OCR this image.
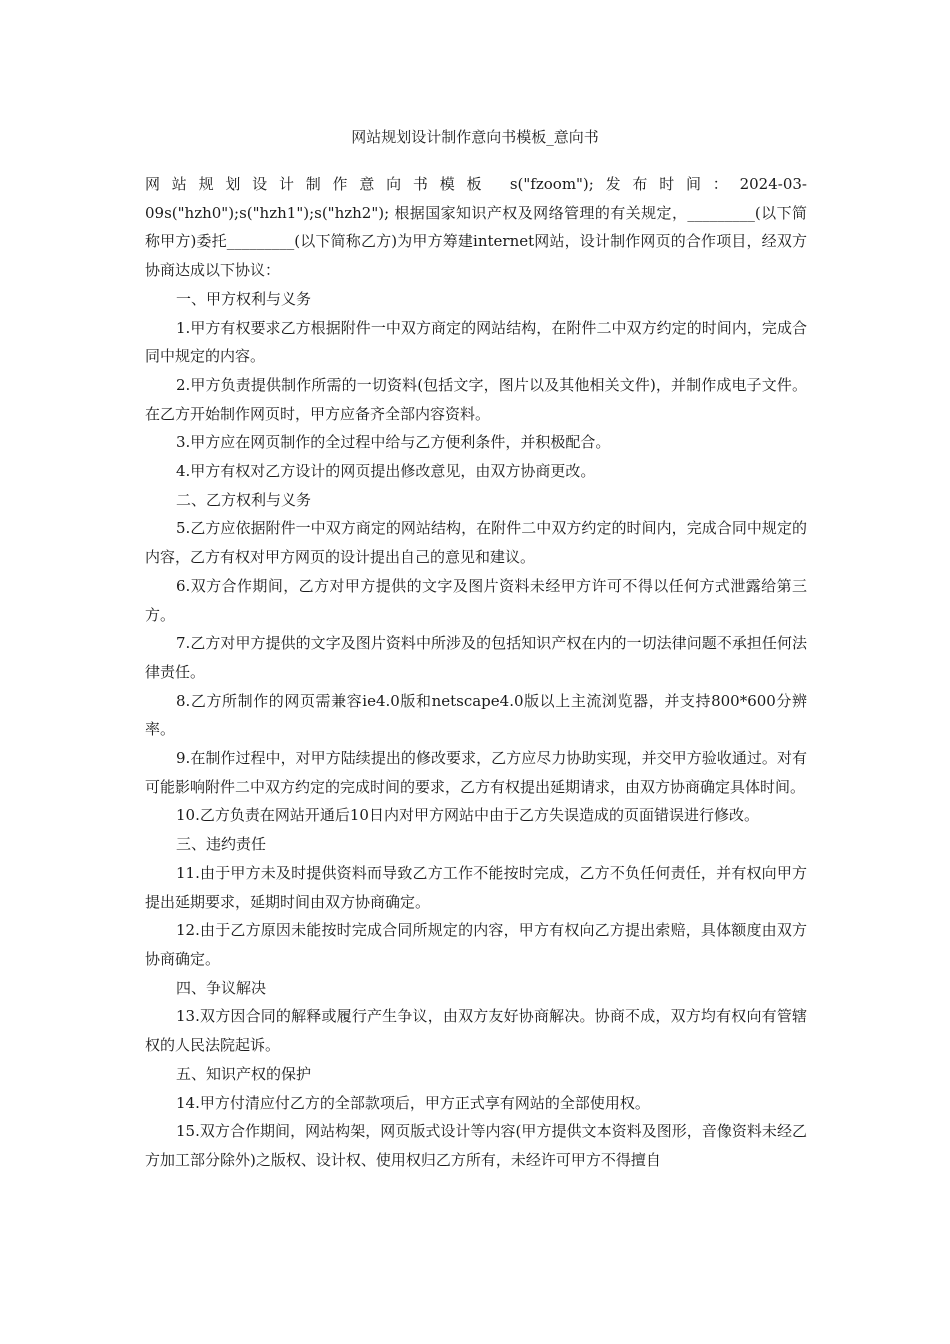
网站规划设计制作意向书模板_意向书

网站规划设计制作意向书模板 s("fzoom");发布时间：2024-03-09s("hzh0");s("hzh1");s("hzh2"); 根据国家知识产权及网络管理的有关规定，_________(以下简称甲方)委托_________(以下简称乙方)为甲方筹建internet网站，设计制作网页的合作项目，经双方协商达成以下协议：

一、甲方权利与义务

1.甲方有权要求乙方根据附件一中双方商定的网站结构，在附件二中双方约定的时间内，完成合同中规定的内容。

2.甲方负责提供制作所需的一切资料(包括文字，图片以及其他相关文件)，并制作成电子文件。在乙方开始制作网页时，甲方应备齐全部内容资料。

3.甲方应在网页制作的全过程中给与乙方便利条件，并积极配合。

4.甲方有权对乙方设计的网页提出修改意见，由双方协商更改。

二、乙方权利与义务

5.乙方应依据附件一中双方商定的网站结构，在附件二中双方约定的时间内，完成合同中规定的内容，乙方有权对甲方网页的设计提出自己的意见和建议。

6.双方合作期间，乙方对甲方提供的文字及图片资料未经甲方许可不得以任何方式泄露给第三方。

7.乙方对甲方提供的文字及图片资料中所涉及的包括知识产权在内的一切法律问题不承担任何法律责任。

8.乙方所制作的网页需兼容ie4.0版和netscape4.0版以上主流浏览器，并支持800*600分辨率。

9.在制作过程中，对甲方陆续提出的修改要求，乙方应尽力协助实现，并交甲方验收通过。对有可能影响附件二中双方约定的完成时间的要求，乙方有权提出延期请求，由双方协商确定具体时间。

10.乙方负责在网站开通后10日内对甲方网站中由于乙方失误造成的页面错误进行修改。

三、违约责任

11.由于甲方未及时提供资料而导致乙方工作不能按时完成，乙方不负任何责任，并有权向甲方提出延期要求，延期时间由双方协商确定。

12.由于乙方原因未能按时完成合同所规定的内容，甲方有权向乙方提出索赔，具体额度由双方协商确定。

四、争议解决

13.双方因合同的解释或履行产生争议，由双方友好协商解决。协商不成，双方均有权向有管辖权的人民法院起诉。

五、知识产权的保护

14.甲方付清应付乙方的全部款项后，甲方正式享有网站的全部使用权。

15.双方合作期间，网站构架，网页版式设计等内容(甲方提供文本资料及图形，音像资料未经乙方加工部分除外)之版权、设计权、使用权归乙方所有，未经许可甲方不得擅自
